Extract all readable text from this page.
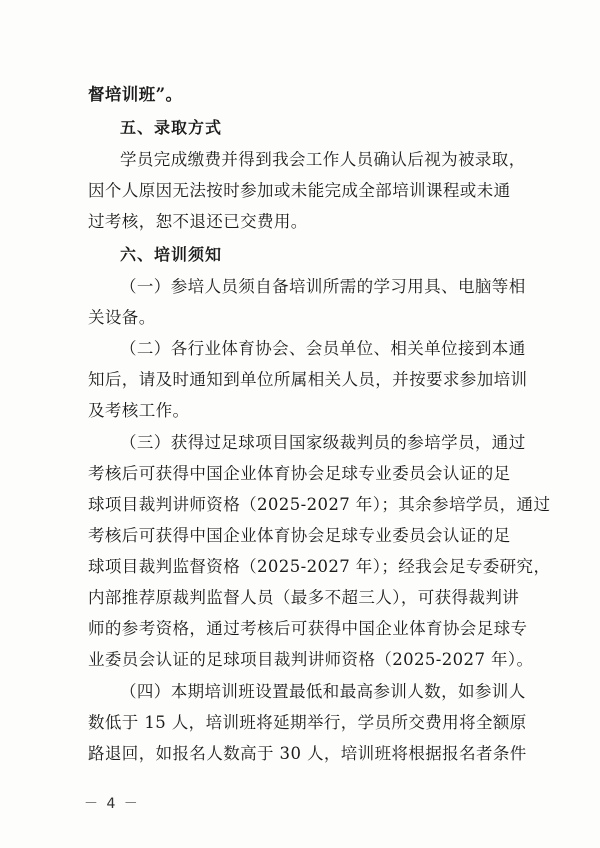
督培训班”。
五、录取方式
学员完成缴费并得到我会工作人员确认后视为被录取，
因个人原因无法按时参加或未能完成全部培训课程或未通
过考核，恕不退还已交费用。
六、培训须知
（一）参培人员须自备培训所需的学习用具、电脑等相
关设备。
（二）各行业体育协会、会员单位、相关单位接到本通
知后，请及时通知到单位所属相关人员，并按要求参加培训
及考核工作。
（三）获得过足球项目国家级裁判员的参培学员，通过
考核后可获得中国企业体育协会足球专业委员会认证的足
球项目裁判讲师资格（2025-2027 年）；其余参培学员，通过
考核后可获得中国企业体育协会足球专业委员会认证的足
球项目裁判监督资格（2025-2027 年）；经我会足专委研究，
内部推荐原裁判监督人员（最多不超三人），可获得裁判讲
师的参考资格，通过考核后可获得中国企业体育协会足球专
业委员会认证的足球项目裁判讲师资格（2025-2027 年）。
（四）本期培训班设置最低和最高参训人数，如参训人
数低于 15 人，培训班将延期举行，学员所交费用将全额原
路退回，如报名人数高于 30 人，培训班将根据报名者条件
－ 4 －
